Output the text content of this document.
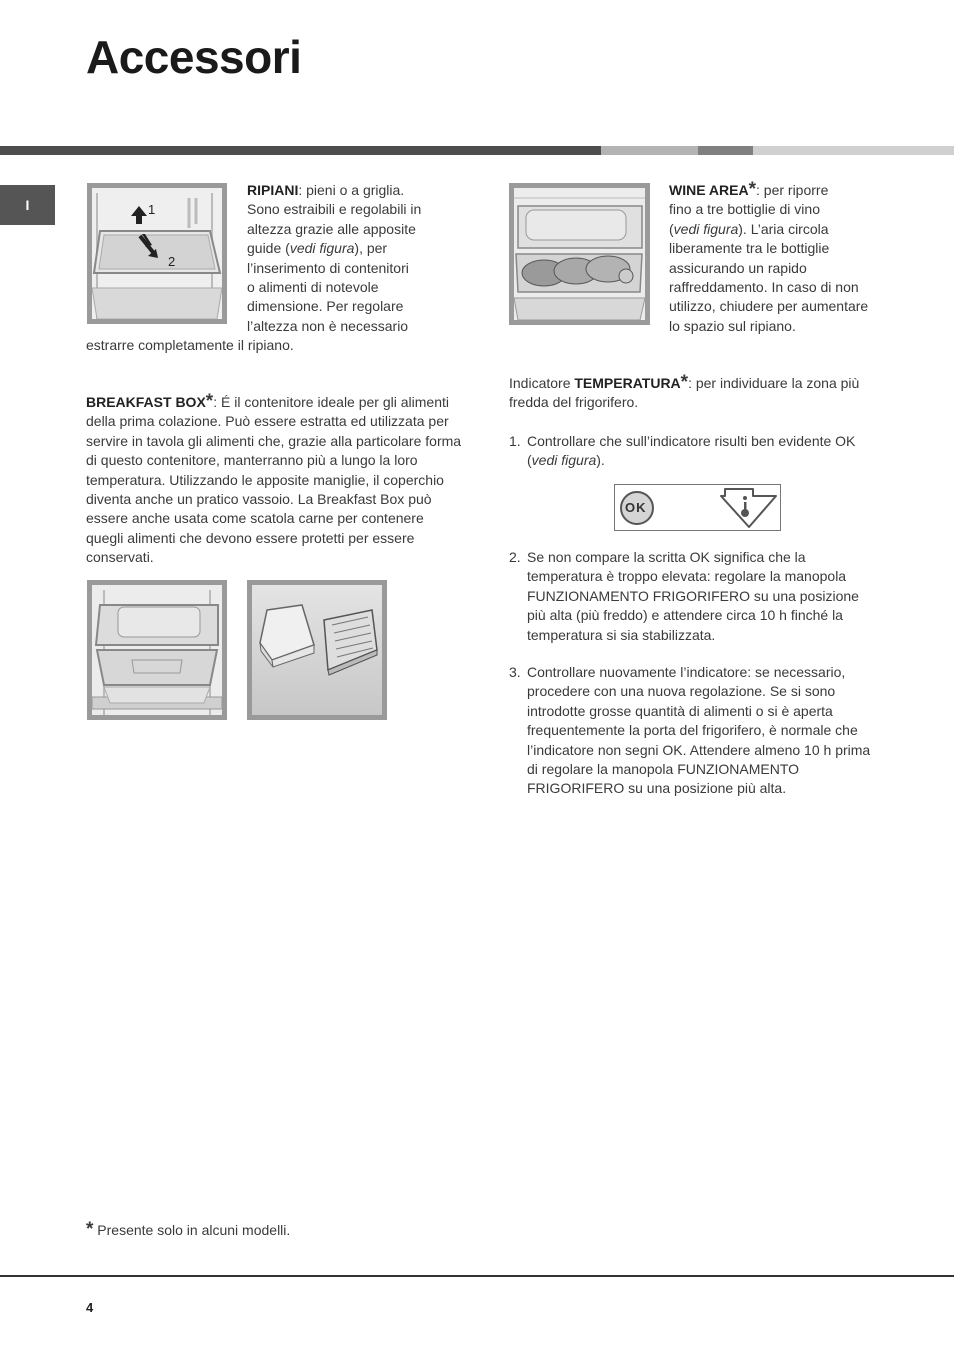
Accessori
I	1
2
RIPIANI: pieni o a griglia.
Sono estraibili e regolabili in
altezza grazie alle apposite
guide (vedi figura), per
l’inserimento di contenitori
o alimenti di notevole
dimensione. Per regolare
l’altezza non è necessario
estrarre completamente il ripiano.
BREAKFAST BOX*: É il contenitore ideale per gli alimenti della prima colazione. Può essere estratta ed utilizzata per servire in tavola gli alimenti che, grazie alla particolare forma di questo contenitore, manterranno più a lungo la loro temperatura. Utilizzando le apposite maniglie, il coperchio diventa anche un pratico vassoio. La Breakfast Box può essere anche usata come scatola carne per contenere quegli alimenti che devono essere protetti per essere conservati.
WINE AREA*: per riporre
fino a tre bottiglie di vino
(vedi figura). L’aria circola
liberamente tra le bottiglie
assicurando un rapido
raffreddamento. In caso di non
utilizzo, chiudere per aumentare
lo spazio sul ripiano.
Indicatore TEMPERATURA*: per individuare la zona più fredda del frigorifero.
1. Controllare che sull’indicatore risulti ben evidente OK (vedi figura).
OK
2. Se non compare la scritta OK significa che la temperatura è troppo elevata: regolare la manopola FUNZIONAMENTO FRIGORIFERO su una posizione più alta (più freddo) e attendere circa 10 h finché la temperatura si sia stabilizzata.
3. Controllare nuovamente l’indicatore: se necessario, procedere con una nuova regolazione. Se si sono introdotte grosse quantità di alimenti o si è aperta frequentemente la porta del frigorifero, è normale che l’indicatore non segni OK. Attendere almeno 10 h prima di regolare la manopola FUNZIONAMENTO FRIGORIFERO su una posizione più alta.
* Presente solo in alcuni modelli.
4
